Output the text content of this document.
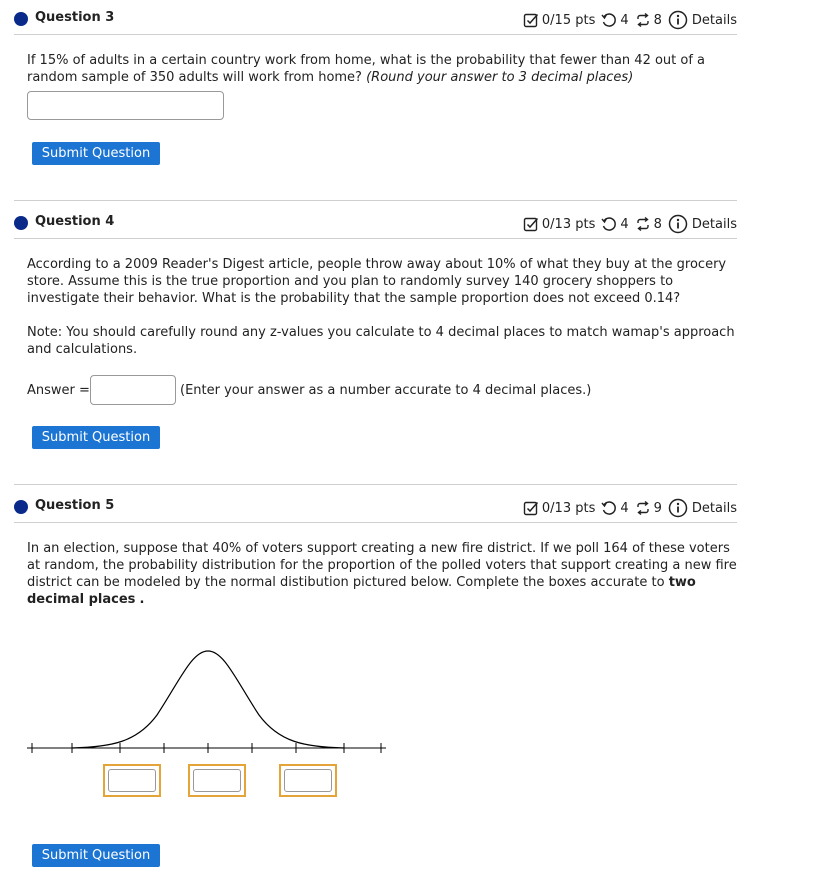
Question 3	0/15 pts 4 8 Details
If 15% of adults in a certain country work from home, what is the probability that fewer than 42 out of a random sample of 350 adults will work from home? (Round your answer to 3 decimal places)
Submit Question
Question 4	0/13 pts 4 8 Details
According to a 2009 Reader's Digest article, people throw away about 10% of what they buy at the grocery store. Assume this is the true proportion and you plan to randomly survey 140 grocery shoppers to investigate their behavior. What is the probability that the sample proportion does not exceed 0.14?
Note: You should carefully round any z-values you calculate to 4 decimal places to match wamap's approach and calculations.
Answer =	(Enter your answer as a number accurate to 4 decimal places.)
Submit Question
Question 5	0/13 pts 4 9 Details
In an election, suppose that 40% of voters support creating a new fire district. If we poll 164 of these voters at random, the probability distribution for the proportion of the polled voters that support creating a new fire district can be modeled by the normal distibution pictured below. Complete the boxes accurate to two decimal places .
Submit Question
